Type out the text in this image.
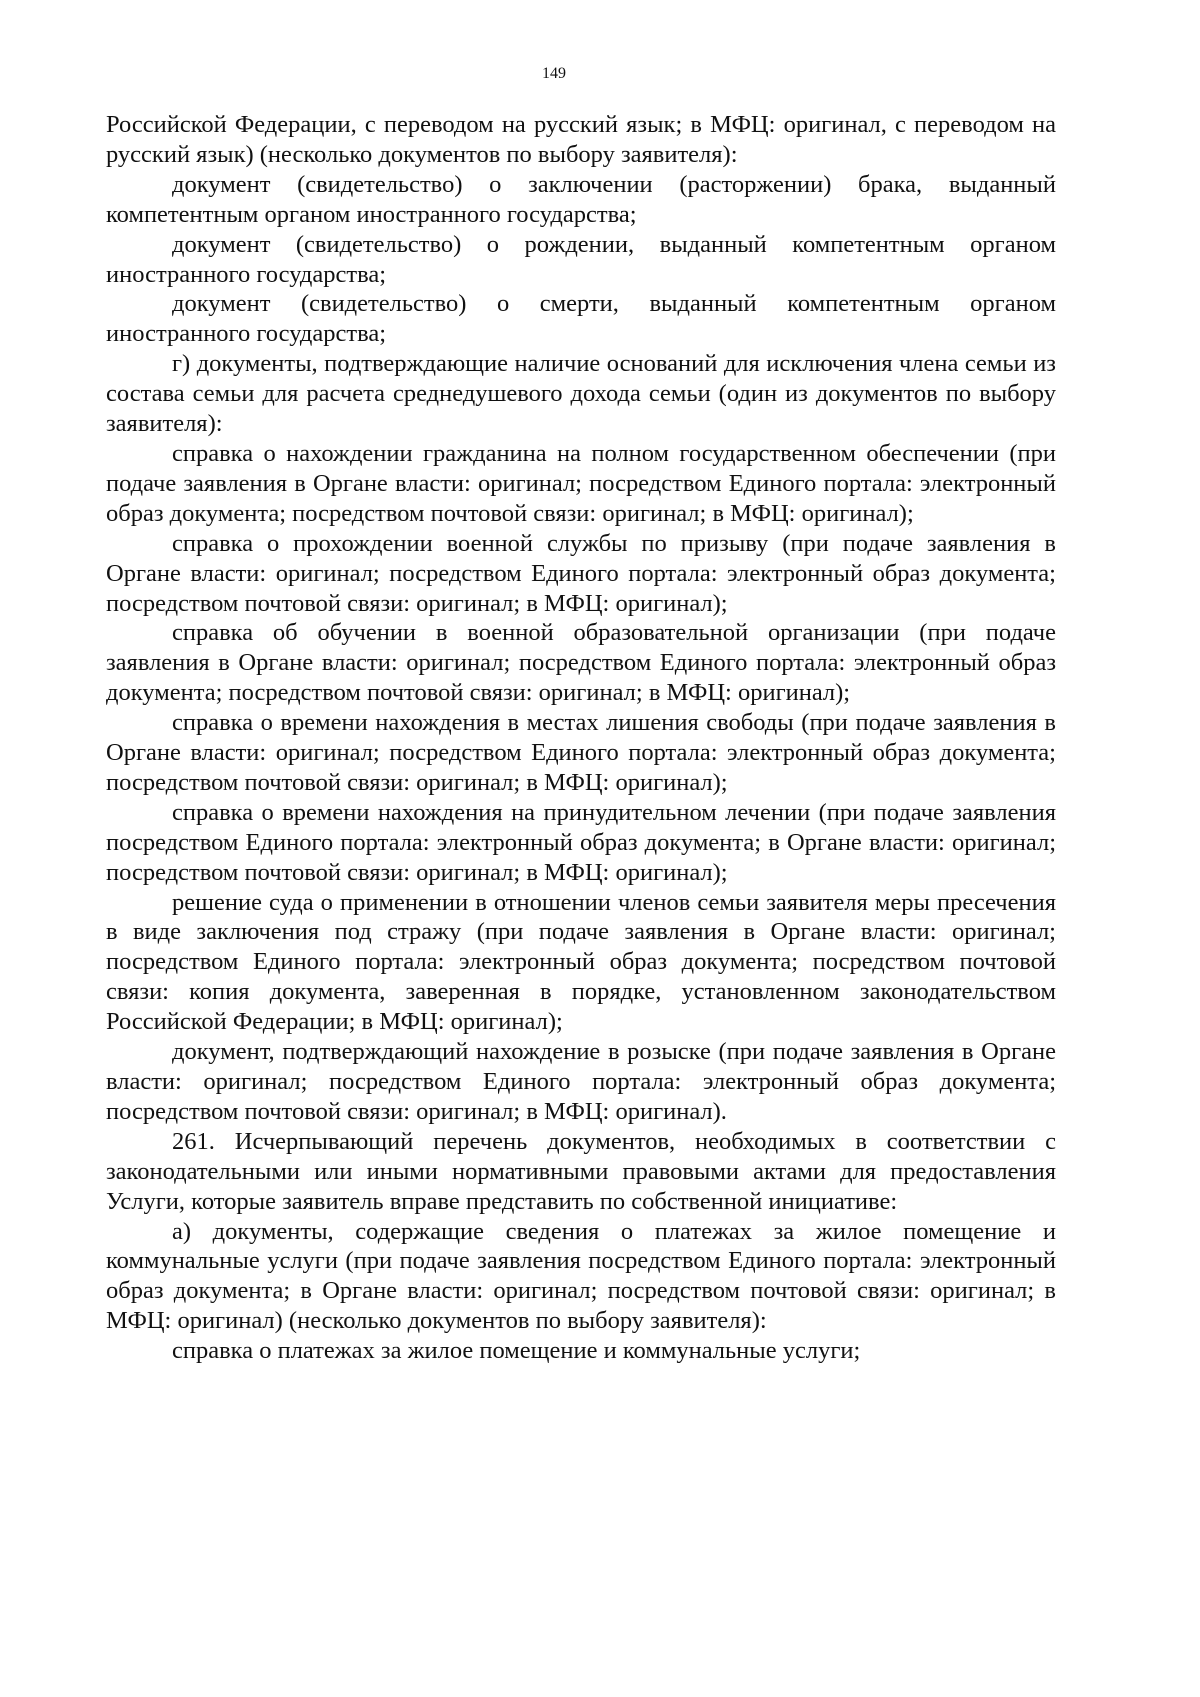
149

Российской Федерации, с переводом на русский язык; в МФЦ: оригинал, с переводом на русский язык) (несколько документов по выбору заявителя):

документ (свидетельство) о заключении (расторжении) брака, выданный компетентным органом иностранного государства;

документ (свидетельство) о рождении, выданный компетентным органом иностранного государства;

документ (свидетельство) о смерти, выданный компетентным органом иностранного государства;

г) документы, подтверждающие наличие оснований для исключения члена семьи из состава семьи для расчета среднедушевого дохода семьи (один из документов по выбору заявителя):

справка о нахождении гражданина на полном государственном обеспечении (при подаче заявления в Органе власти: оригинал; посредством Единого портала: электронный образ документа; посредством почтовой связи: оригинал; в МФЦ: оригинал);

справка о прохождении военной службы по призыву (при подаче заявления в Органе власти: оригинал; посредством Единого портала: электронный образ документа; посредством почтовой связи: оригинал; в МФЦ: оригинал);

справка об обучении в военной образовательной организации (при подаче заявления в Органе власти: оригинал; посредством Единого портала: электронный образ документа; посредством почтовой связи: оригинал; в МФЦ: оригинал);

справка о времени нахождения в местах лишения свободы (при подаче заявления в Органе власти: оригинал; посредством Единого портала: электронный образ документа; посредством почтовой связи: оригинал; в МФЦ: оригинал);

справка о времени нахождения на принудительном лечении (при подаче заявления посредством Единого портала: электронный образ документа; в Органе власти: оригинал; посредством почтовой связи: оригинал; в МФЦ: оригинал);

решение суда о применении в отношении членов семьи заявителя меры пресечения в виде заключения под стражу (при подаче заявления в Органе власти: оригинал; посредством Единого портала: электронный образ документа; посредством почтовой связи: копия документа, заверенная в порядке, установленном законодательством Российской Федерации; в МФЦ: оригинал);

документ, подтверждающий нахождение в розыске (при подаче заявления в Органе власти: оригинал; посредством Единого портала: электронный образ документа; посредством почтовой связи: оригинал; в МФЦ: оригинал).

261. Исчерпывающий перечень документов, необходимых в соответствии с законодательными или иными нормативными правовыми актами для предоставления Услуги, которые заявитель вправе представить по собственной инициативе:

а) документы, содержащие сведения о платежах за жилое помещение и коммунальные услуги (при подаче заявления посредством Единого портала: электронный образ документа; в Органе власти: оригинал; посредством почтовой связи: оригинал; в МФЦ: оригинал) (несколько документов по выбору заявителя):

справка о платежах за жилое помещение и коммунальные услуги;
